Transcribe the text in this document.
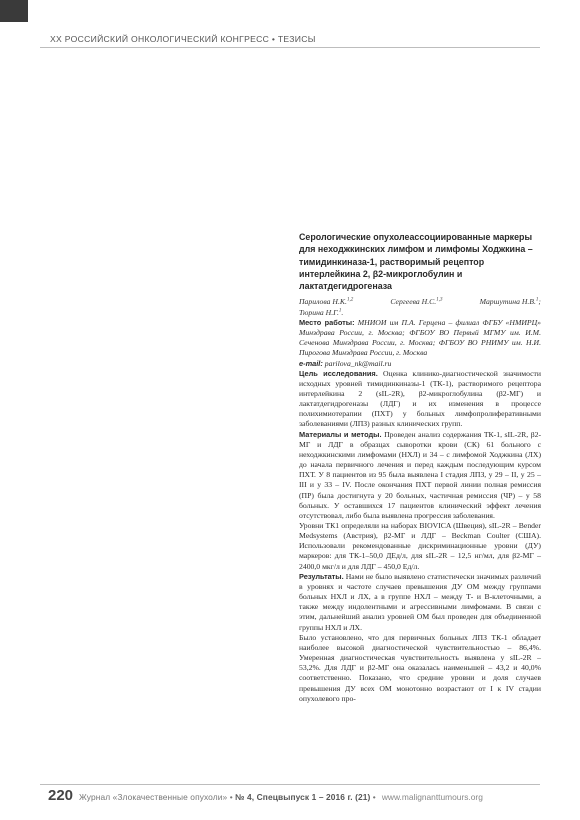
XX РОССИЙСКИЙ ОНКОЛОГИЧЕСКИЙ КОНГРЕСС • ТЕЗИСЫ
Серологические опухолеассоциированные маркеры для неходжкинских лимфом и лимфомы Ходжкина – тимидинкиназа-1, растворимый рецептор интерлейкина 2, β2-микроглобулин и лактатдегидрогеназа
Парилова Н.К.$^{1,2}$	Сергеева Н.С.$^{1,3}$	Маршутина Н.В.$^1$;
Тюрина Н.Г.$^1$.

Место работы: МНИОИ им П.А. Герцена – филиал ФГБУ «НМИРЦ» Минздрава России, г. Москва; ФГБОУ ВО Первый МГМУ им. И.М. Сеченова Минздрава России, г. Москва; ФГБОУ ВО РНИМУ им. Н.И. Пирогова Минздрава России, г. Москва

e-mail: parilova_nk@mail.ru

Цель исследования. Оценка клинико-диагностической значимости исходных уровней тимидинкиназы-1 (ТК-1), растворимого рецептора интерлейкина 2 (sIL-2R), β2-микроглобулина (β2-МГ) и лактатдегидрогеназы (ЛДГ) и их изменения в процессе полихимиотерапии (ПХТ) у больных лимфопролиферативными заболеваниями (ЛПЗ) разных клинических групп.

Материалы и методы. Проведен анализ содержания ТК-1, sIL-2R, β2-МГ и ЛДГ в образцах сыворотки крови (СК) 61 больного с неходжкинскими лимфомами (НХЛ) и 34 – с лимфомой Ходжкина (ЛХ) до начала первичного лечения и перед каждым последующим курсом ПХТ. У 8 пациентов из 95 была выявлена I стадия ЛПЗ, у 29 – II, у 25 – III и у 33 – IV. После окончания ПХТ первой линии полная ремиссия (ПР) была достигнута у 20 больных, частичная ремиссия (ЧР) – у 58 больных. У оставшихся 17 пациентов клинический эффект лечения отсутствовал, либо была выявлена прогрессия заболевания.

Уровни ТК1 определяли на наборах BIOVICA (Швеция), sIL-2R – Bender Medsystems (Австрия), β2-МГ и ЛДГ – Beckman Coulter (США). Использовали рекомендованные дискриминационные уровни (ДУ) маркеров: для ТК-1–50,0 ДЕд/л, для sIL-2R – 12,5 нг/мл, для β2-МГ – 2400,0 мкг/л и для ЛДГ – 450,0 Ед/л.

Результаты. Нами не было выявлено статистически значимых различий в уровнях и частоте случаев превышения ДУ ОМ между группами больных НХЛ и ЛХ, а в группе НХЛ – между Т- и В-клеточными, а также между индолентными и агрессивными лимфомами. В связи с этим, дальнейший анализ уровней ОМ был проведен для объединенной группы НХЛ и ЛХ.

Было установлено, что для первичных больных ЛПЗ ТК-1 обладает наиболее высокой диагностической чувствительностью – 86,4%. Умеренная диагностическая чувствительность выявлена у sIL-2R – 53,2%. Для ЛДГ и β2-МГ она оказалась наименьшей – 43,2 и 40,0% соответственно. Показано, что средние уровни и доля случаев превышения ДУ всех ОМ монотонно возрастают от I к IV стадии опухолевого про-

220 Журнал «Злокачественные опухоли» • № 4, Спецвыпуск 1 – 2016 г. (21) • www.malignanttumours.org
